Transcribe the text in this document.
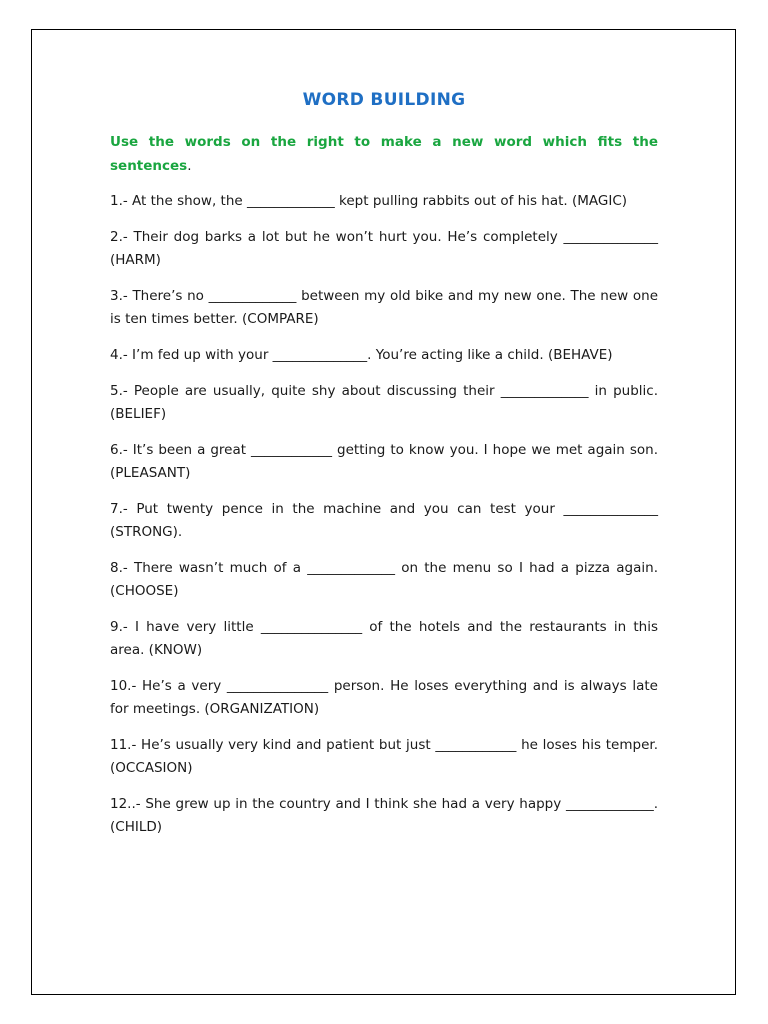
WORD BUILDING

Use the words on the right to make a new word which fits the sentences.

1.- At the show, the _____________ kept pulling rabbits out of his hat. (MAGIC)
2.- Their dog barks a lot but he won’t hurt you. He’s completely ______________ (HARM)
3.- There’s no _____________ between my old bike and my new one. The new one is ten times better. (COMPARE)
4.- I’m fed up with your ______________. You’re acting like a child. (BEHAVE)
5.- People are usually, quite shy about discussing their _____________ in public. (BELIEF)
6.- It’s been a great ____________ getting to know you. I hope we met again son. (PLEASANT)
7.- Put twenty pence in the machine and you can test your ______________ (STRONG).
8.- There wasn’t much of a _____________ on the menu so I had a pizza again. (CHOOSE)
9.- I have very little _______________ of the hotels and the restaurants in this area. (KNOW)
10.- He’s a very _______________ person. He loses everything and is always late for meetings. (ORGANIZATION)
11.- He’s usually very kind and patient but just ____________ he loses his temper. (OCCASION)
12..- She grew up in the country and I think she had a very happy _____________. (CHILD)
